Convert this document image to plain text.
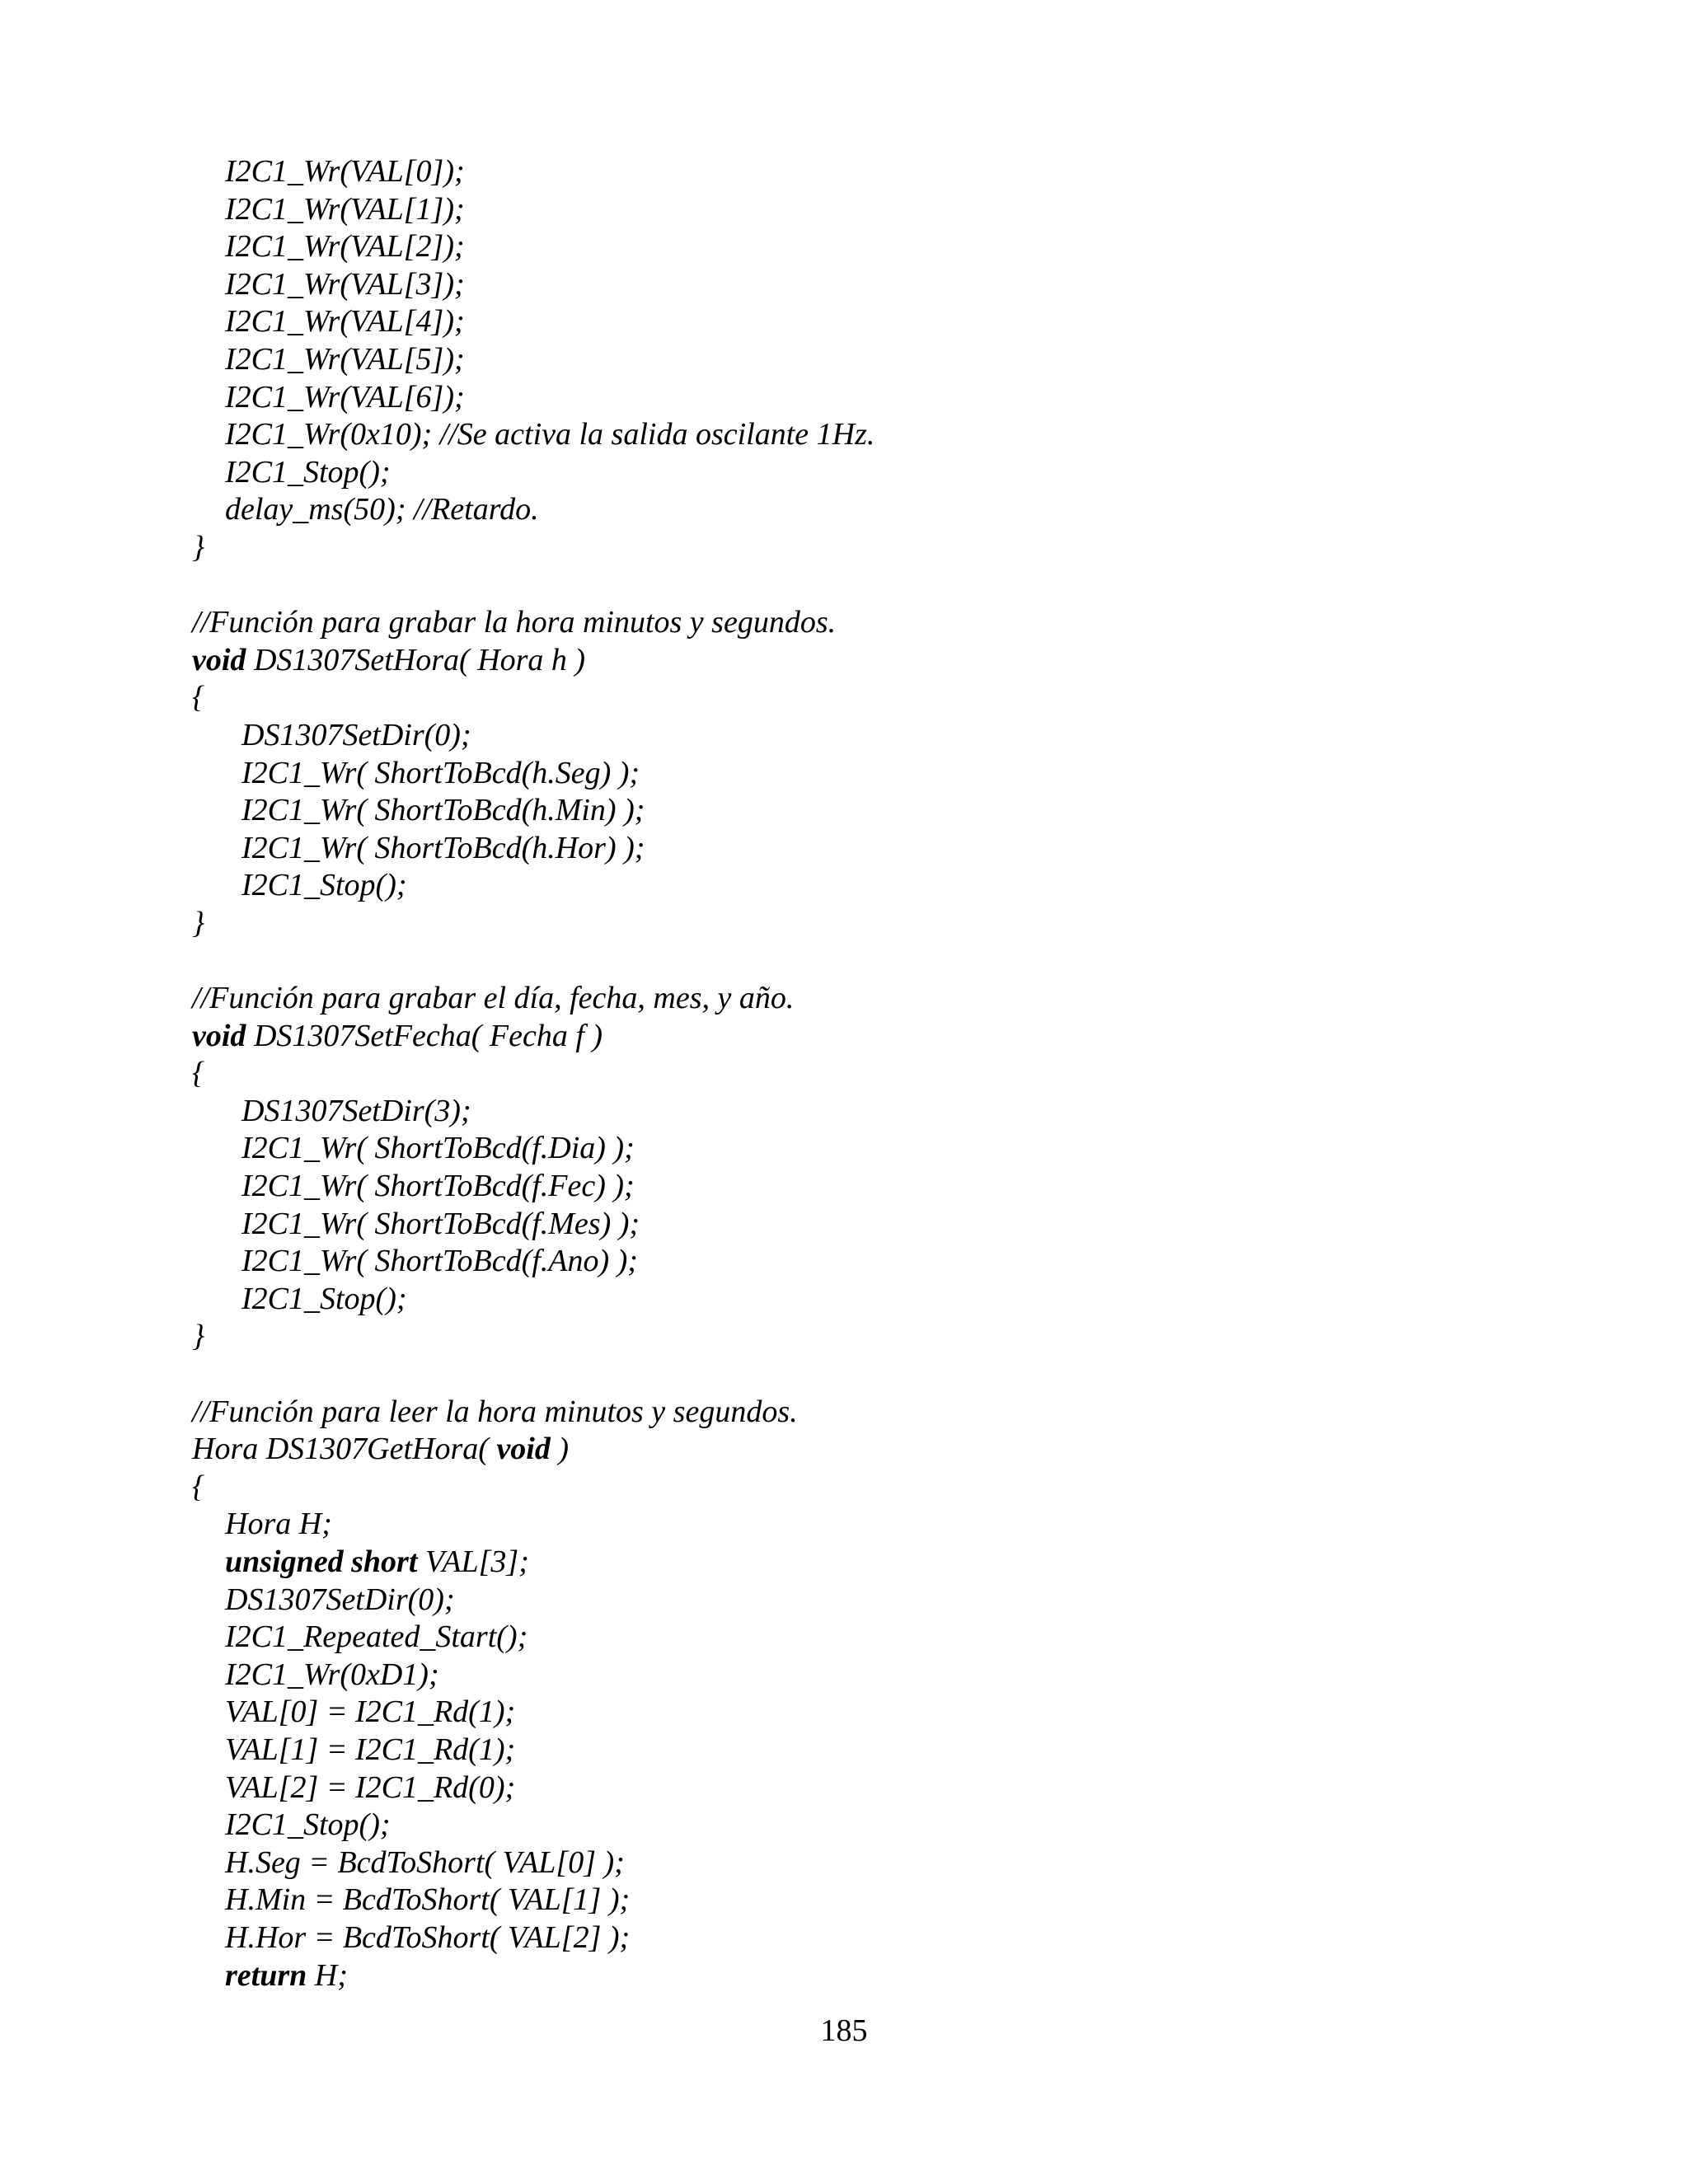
I2C1_Wr(VAL[0]);
I2C1_Wr(VAL[1]);
I2C1_Wr(VAL[2]);
I2C1_Wr(VAL[3]);
I2C1_Wr(VAL[4]);
I2C1_Wr(VAL[5]);
I2C1_Wr(VAL[6]);
I2C1_Wr(0x10); //Se activa la salida oscilante 1Hz.
I2C1_Stop();
delay_ms(50); //Retardo.
}
//Función para grabar la hora minutos y segundos.
void DS1307SetHora( Hora h )
{
DS1307SetDir(0);
I2C1_Wr( ShortToBcd(h.Seg) );
I2C1_Wr( ShortToBcd(h.Min) );
I2C1_Wr( ShortToBcd(h.Hor) );
I2C1_Stop();
}
//Función para grabar el día, fecha, mes, y año.
void DS1307SetFecha( Fecha f )
{
DS1307SetDir(3);
I2C1_Wr( ShortToBcd(f.Dia) );
I2C1_Wr( ShortToBcd(f.Fec) );
I2C1_Wr( ShortToBcd(f.Mes) );
I2C1_Wr( ShortToBcd(f.Ano) );
I2C1_Stop();
}
//Función para leer la hora minutos y segundos.
Hora DS1307GetHora( void )
{
Hora H;
unsigned short VAL[3];
DS1307SetDir(0);
I2C1_Repeated_Start();
I2C1_Wr(0xD1);
VAL[0] = I2C1_Rd(1);
VAL[1] = I2C1_Rd(1);
VAL[2] = I2C1_Rd(0);
I2C1_Stop();
H.Seg = BcdToShort( VAL[0] );
H.Min = BcdToShort( VAL[1] );
H.Hor = BcdToShort( VAL[2] );
return H;
185
